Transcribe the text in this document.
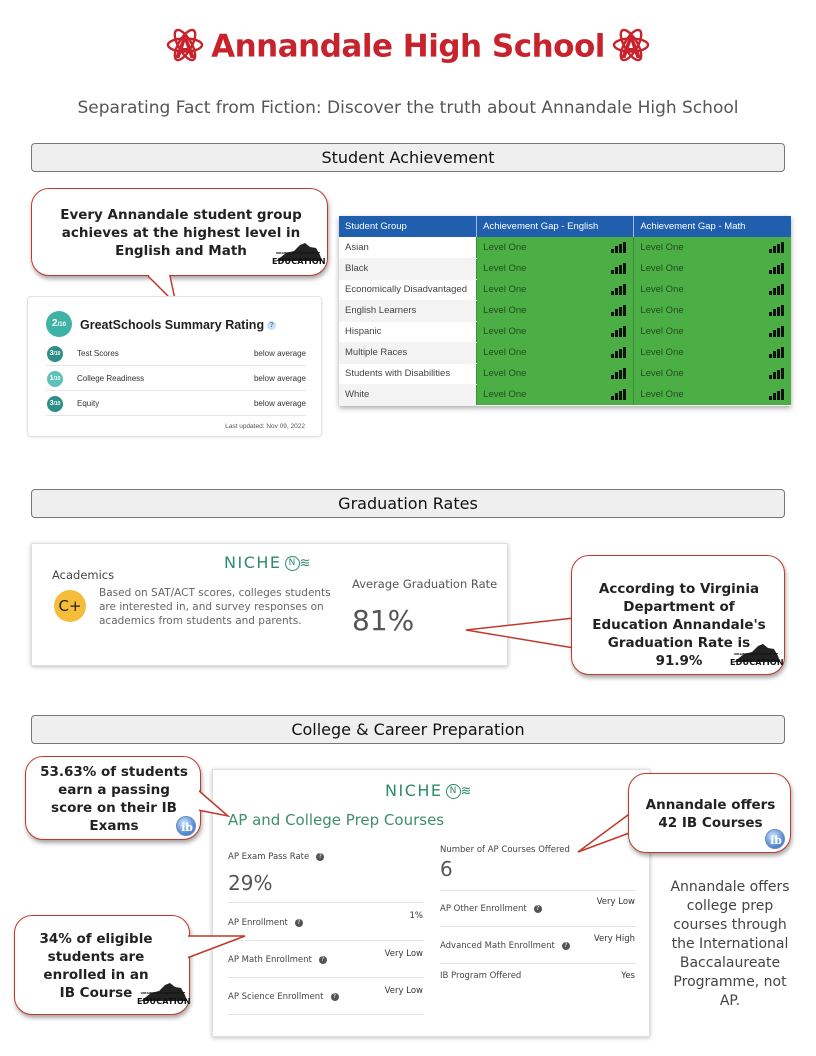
Annandale High School
Separating Fact from Fiction: Discover the truth about Annandale High School
Student Achievement
Every Annandale student group achieves at the highest level in English and Math	VIRGINIA DEPARTMENT OF
EDUCATION
2/10	GreatSchools Summary Rating ?
3/10	Test Scores	below average
1/10	College Readiness	below average
3/10	Equity	below average
Last updated: Nov 09, 2022
Student Group	Achievement Gap - English	Achievement Gap - Math
Asian	Level One	Level One

Black	Level One	Level One

Economically Disadvantaged	Level One	Level One

English Learners	Level One	Level One

Hispanic	Level One	Level One

Multiple Races	Level One	Level One

Students with Disabilities	Level One	Level One

White	Level One	Level One
Graduation Rates
NICHE N ≋
Academics
C+
Based on SAT/ACT scores, colleges students are interested in, and survey responses on academics from students and parents.
Average Graduation Rate
81%
According to Virginia Department of Education Annandale's Graduation Rate is 91.9%	VIRGINIA DEPARTMENT OF
EDUCATION
College & Career Preparation
NICHE N ≋
AP and College Prep Courses
AP Exam Pass Rate ?
29%
AP Enrollment ?
1%
AP Math Enrollment ?	Very Low
AP Science Enrollment ?	Very Low
Number of AP Courses Offered
6
AP Other Enrollment ?
Very Low
Advanced Math Enrollment ?
Very High
IB Program Offered	Yes
53.63% of students earn a passing score on their IB Exams	ib
Annandale offers 42 IB Courses
ib
34% of eligible students are enrolled in an IB Course	VIRGINIA DEPARTMENT OF
EDUCATION
Annandale offers college prep courses through the International Baccalaureate Programme, not AP.
